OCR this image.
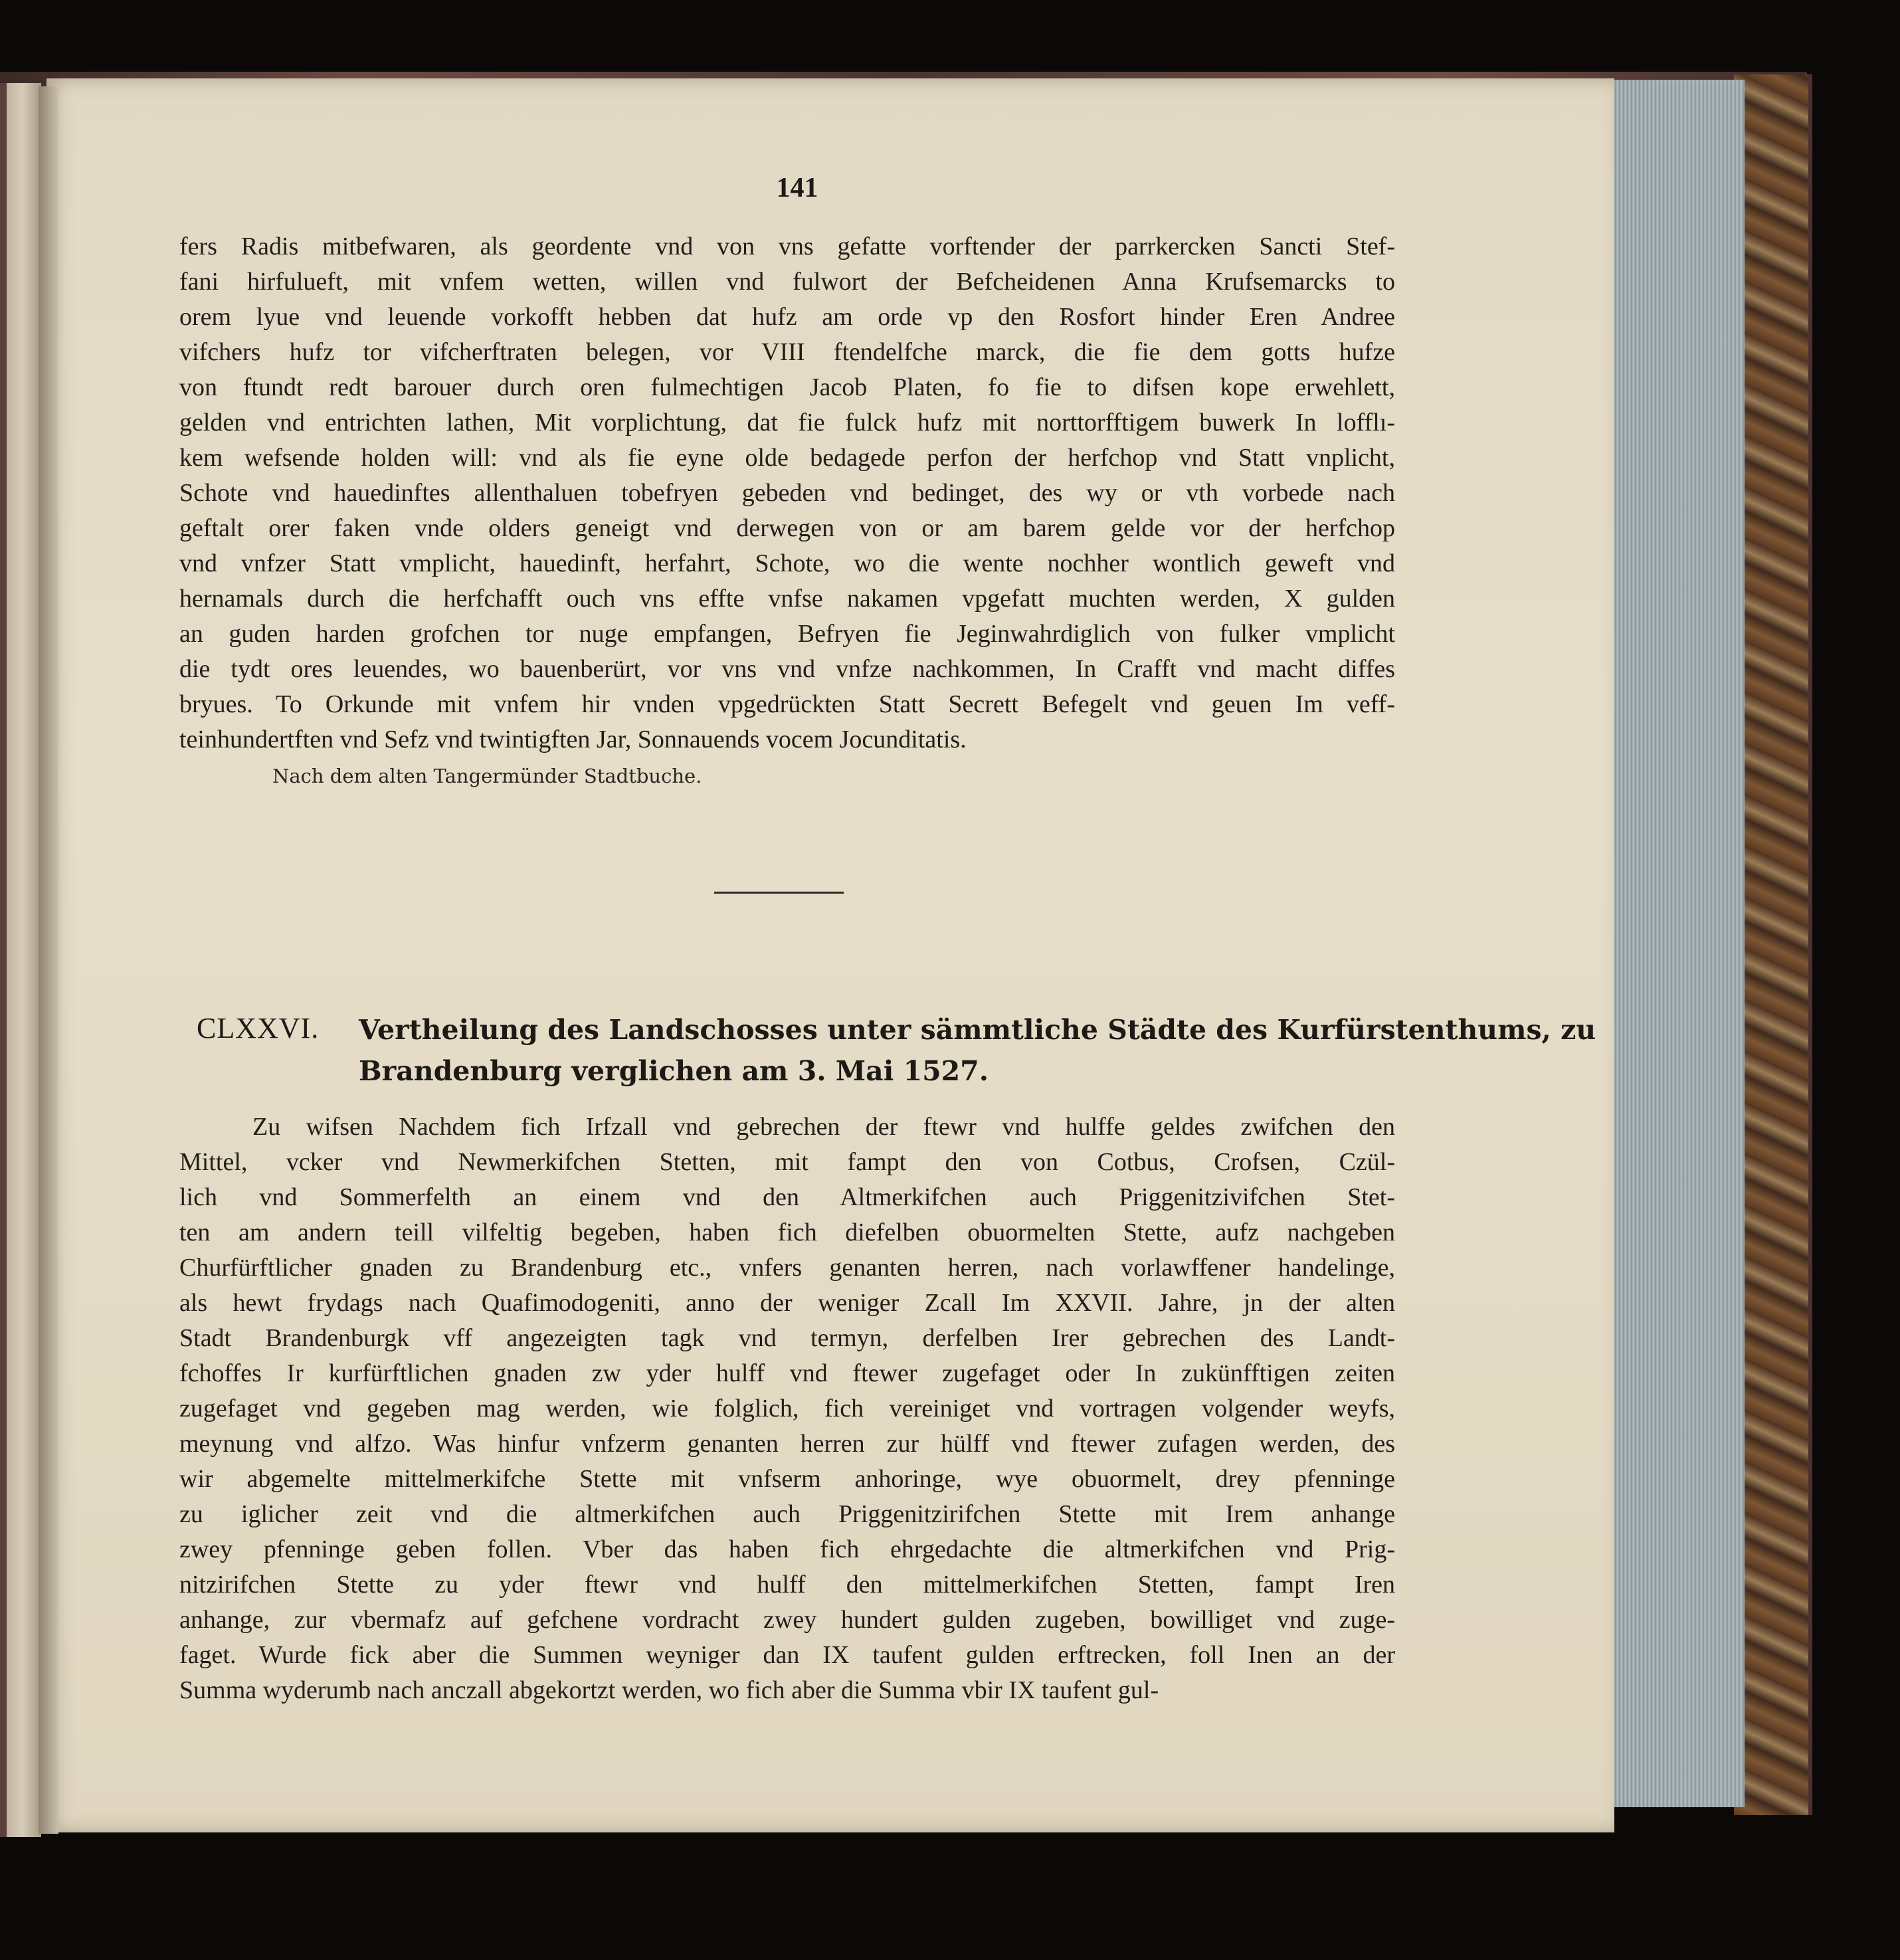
141
fers Radis mitbefwaren, als geordente vnd von vns gefatte vorftender der parrkercken Sancti Stef-
fani hirfulueft, mit vnfem wetten, willen vnd fulwort der Befcheidenen Anna Krufsemarcks to
orem lyue vnd leuende vorkofft hebben dat hufz am orde vp den Rosfort hinder Eren Andree
vifchers hufz tor vifcherftraten belegen, vor VIII ftendelfche marck, die fie dem gotts hufze
von ftundt redt barouer durch oren fulmechtigen Jacob Platen, fo fie to difsen kope erwehlett,
gelden vnd entrichten lathen, Mit vorplichtung, dat fie fulck hufz mit norttorfftigem buwerk In lofflı-
kem wefsende holden will: vnd als fie eyne olde bedagede perfon der herfchop vnd Statt vnplicht,
Schote vnd hauedinftes allenthaluen tobefryen gebeden vnd bedinget, des wy or vth vorbede nach
geftalt orer faken vnde olders geneigt vnd derwegen von or am barem gelde vor der herfchop
vnd vnfzer Statt vmplicht, hauedinft, herfahrt, Schote, wo die wente nochher wontlich geweft vnd
hernamals durch die herfchafft ouch vns effte vnfse nakamen vpgefatt muchten werden, X gulden
an guden harden grofchen tor nuge empfangen, Befryen fie Jeginwahrdiglich von fulker vmplicht
die tydt ores leuendes, wo bauenberürt, vor vns vnd vnfze nachkommen, In Crafft vnd macht diffes
bryues. To Orkunde mit vnfem hir vnden vpgedrückten Statt Secrett Befegelt vnd geuen Im veff-
teinhundertften vnd Sefz vnd twintigften Jar, Sonnauends vocem Jocunditatis.
Nach dem alten Tangermünder Stadtbuche.
CLXXVI. Vertheilung des Landschosses unter sämmtliche Städte des Kurfürstenthums, zu
Brandenburg verglichen am 3. Mai 1527.
Zu wifsen Nachdem fich Irfzall vnd gebrechen der ftewr vnd hulffe geldes zwifchen den
Mittel, vcker vnd Newmerkifchen Stetten, mit fampt den von Cotbus, Crofsen, Czül-
lich vnd Sommerfelth an einem vnd den Altmerkifchen auch Priggenitzivifchen Stet-
ten am andern teill vilfeltig begeben, haben fich diefelben obuormelten Stette, aufz nachgeben
Churfürftlicher gnaden zu Brandenburg etc., vnfers genanten herren, nach vorlawffener handelinge,
als hewt frydags nach Quafimodogeniti, anno der weniger Zcall Im XXVII. Jahre, jn der alten
Stadt Brandenburgk vff angezeigten tagk vnd termyn, derfelben Irer gebrechen des Landt-
fchoffes Ir kurfürftlichen gnaden zw yder hulff vnd ftewer zugefaget oder In zukünfftigen zeiten
zugefaget vnd gegeben mag werden, wie folglich, fich vereiniget vnd vortragen volgender weyfs,
meynung vnd alfzo. Was hinfur vnfzerm genanten herren zur hülff vnd ftewer zufagen werden, des
wir abgemelte mittelmerkifche Stette mit vnfserm anhoringe, wye obuormelt, drey pfenninge
zu iglicher zeit vnd die altmerkifchen auch Priggenitzirifchen Stette mit Irem anhange
zwey pfenninge geben follen. Vber das haben fich ehrgedachte die altmerkifchen vnd Prig-
nitzirifchen Stette zu yder ftewr vnd hulff den mittelmerkifchen Stetten, fampt Iren
anhange, zur vbermafz auf gefchene vordracht zwey hundert gulden zugeben, bowilliget vnd zuge-
faget. Wurde fick aber die Summen weyniger dan IX taufent gulden erftrecken, foll Inen an der
Summa wyderumb nach anczall abgekortzt werden, wo fich aber die Summa vbir IX taufent gul-
